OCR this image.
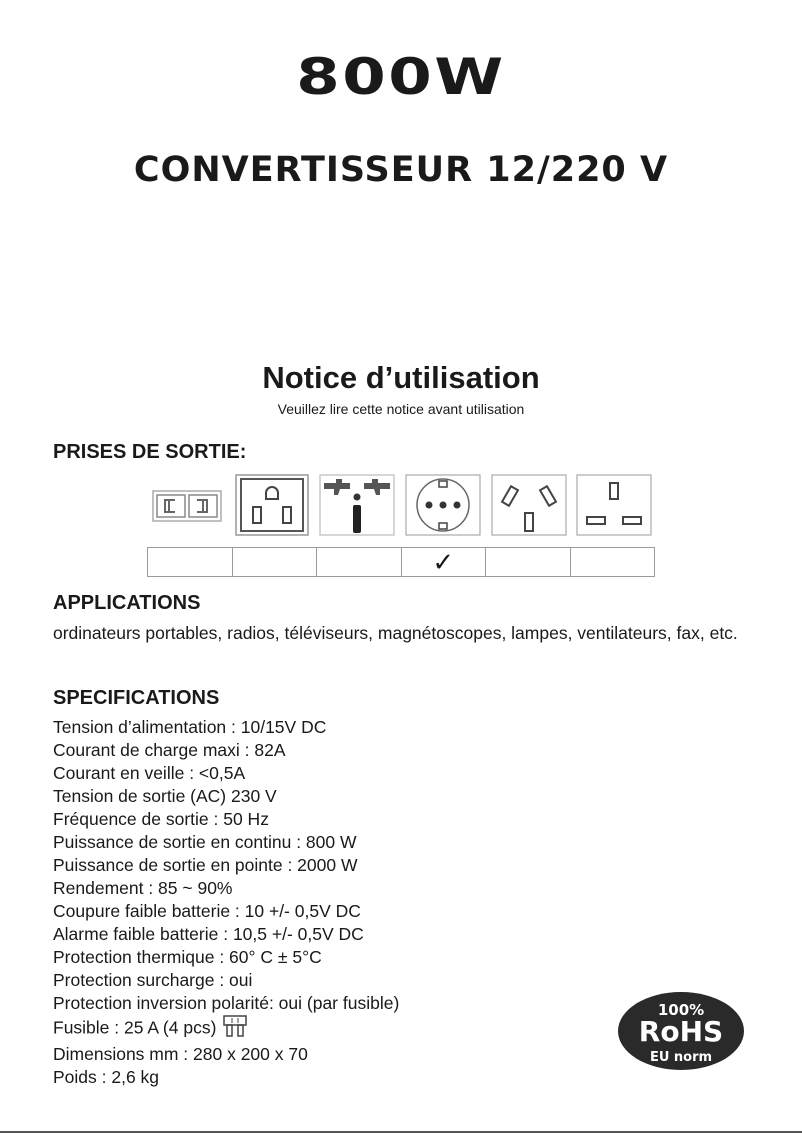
800W
CONVERTISSEUR 12/220 V
Notice d’utilisation
Veuillez lire cette notice avant utilisation
PRISES DE SORTIE:
✓
APPLICATIONS
ordinateurs portables, radios, téléviseurs, magnétoscopes, lampes, ventilateurs, fax, etc.
SPECIFICATIONS
Tension d’alimentation : 10/15V DC
Courant de charge maxi : 82A
Courant en veille : <0,5A
Tension de sortie (AC) 230 V
Fréquence de sortie : 50 Hz
Puissance de sortie en continu : 800 W
Puissance de sortie en pointe : 2000 W
Rendement : 85 ~ 90%
Coupure faible batterie : 10 +/- 0,5V DC
Alarme faible batterie : 10,5 +/- 0,5V DC
Protection thermique : 60° C ± 5°C
Protection surcharge : oui
Protection inversion polarité: oui (par fusible)
Fusible : 25 A (4 pcs)
Dimensions mm : 280 x 200 x 70
Poids : 2,6 kg
100%
RoHS
EU norm
